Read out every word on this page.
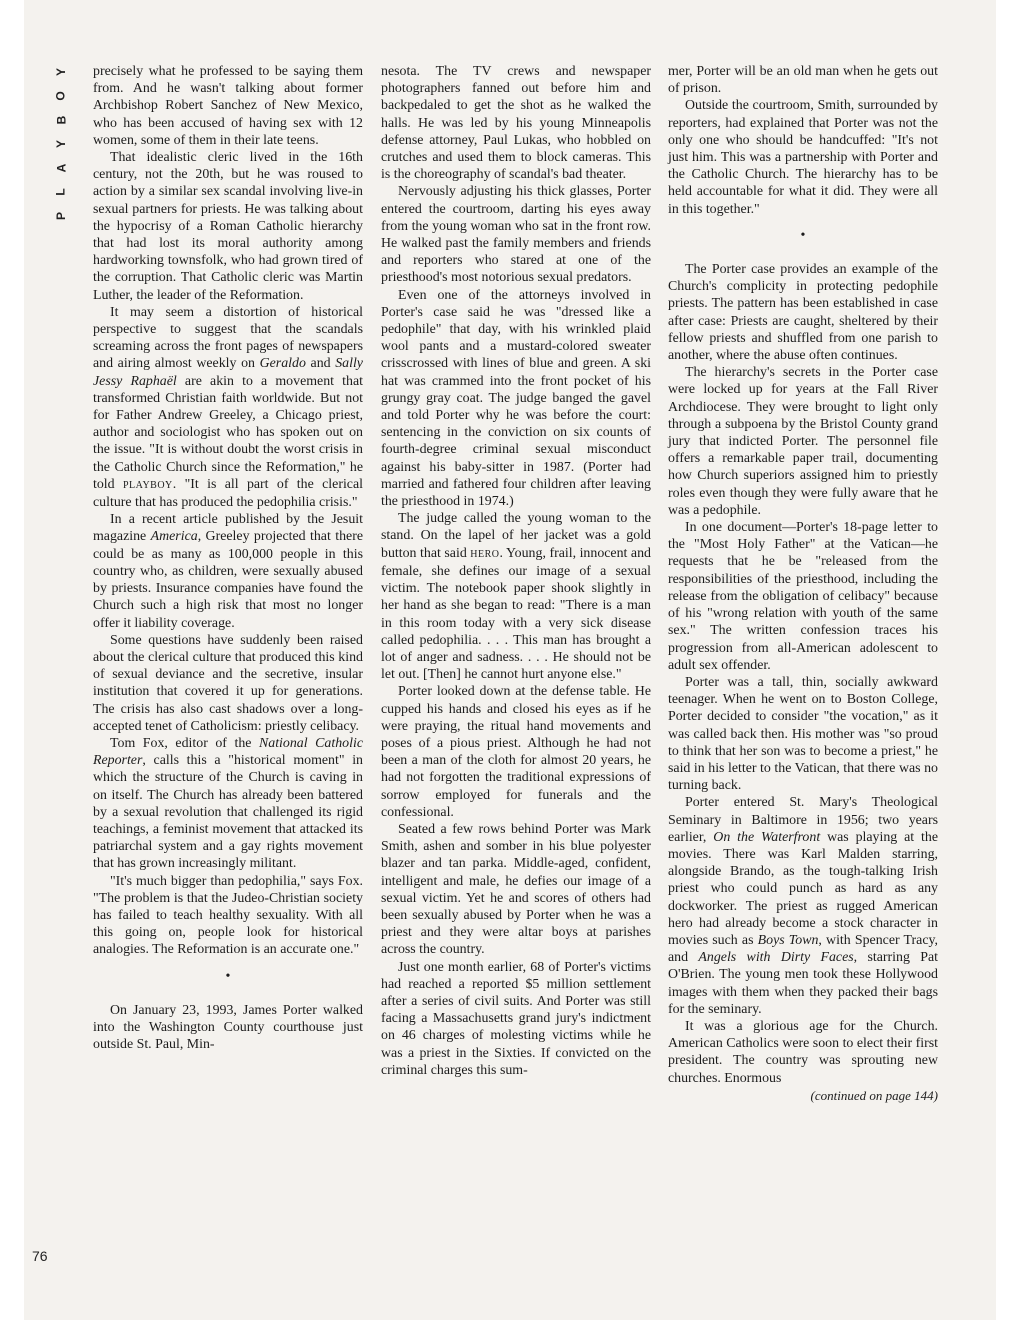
Y
O
B
Y
A
L
P
76

precisely what he professed to be saying them from. And he wasn't talking about former Archbishop Robert Sanchez of New Mexico, who has been accused of having sex with 12 women, some of them in their late teens.

That idealistic cleric lived in the 16th century, not the 20th, but he was roused to action by a similar sex scandal involving live-in sexual partners for priests. He was talking about the hypocrisy of a Roman Catholic hierarchy that had lost its moral authority among hardworking townsfolk, who had grown tired of the corruption. That Catholic cleric was Martin Luther, the leader of the Reformation.

It may seem a distortion of historical perspective to suggest that the scandals screaming across the front pages of newspapers and airing almost weekly on Geraldo and Sally Jessy Raphaël are akin to a movement that transformed Christian faith worldwide. But not for Father Andrew Greeley, a Chicago priest, author and sociologist who has spoken out on the issue. "It is without doubt the worst crisis in the Catholic Church since the Reformation," he told PLAYBOY. "It is all part of the clerical culture that has produced the pedophilia crisis."

In a recent article published by the Jesuit magazine America, Greeley projected that there could be as many as 100,000 people in this country who, as children, were sexually abused by priests. Insurance companies have found the Church such a high risk that most no longer offer it liability coverage.

Some questions have suddenly been raised about the clerical culture that produced this kind of sexual deviance and the secretive, insular institution that covered it up for generations. The crisis has also cast shadows over a long-accepted tenet of Catholicism: priestly celibacy.

Tom Fox, editor of the National Catholic Reporter, calls this a "historical moment" in which the structure of the Church is caving in on itself. The Church has already been battered by a sexual revolution that challenged its rigid teachings, a feminist movement that attacked its patriarchal system and a gay rights movement that has grown increasingly militant.

"It's much bigger than pedophilia," says Fox. "The problem is that the Judeo-Christian society has failed to teach healthy sexuality. With all this going on, people look for historical analogies. The Reformation is an accurate one."

•

On January 23, 1993, James Porter walked into the Washington County courthouse just outside St. Paul, Min-

nesota. The TV crews and newspaper photographers fanned out before him and backpedaled to get the shot as he walked the halls. He was led by his young Minneapolis defense attorney, Paul Lukas, who hobbled on crutches and used them to block cameras. This is the choreography of scandal's bad theater.

Nervously adjusting his thick glasses, Porter entered the courtroom, darting his eyes away from the young woman who sat in the front row. He walked past the family members and friends and reporters who stared at one of the priesthood's most notorious sexual predators.

Even one of the attorneys involved in Porter's case said he was "dressed like a pedophile" that day, with his wrinkled plaid wool pants and a mustard-colored sweater crisscrossed with lines of blue and green. A ski hat was crammed into the front pocket of his grungy gray coat. The judge banged the gavel and told Porter why he was before the court: sentencing in the conviction on six counts of fourth-degree criminal sexual misconduct against his baby-sitter in 1987. (Porter had married and fathered four children after leaving the priesthood in 1974.)

The judge called the young woman to the stand. On the lapel of her jacket was a gold button that said HERO. Young, frail, innocent and female, she defines our image of a sexual victim. The notebook paper shook slightly in her hand as she began to read: "There is a man in this room today with a very sick disease called pedophilia. . . . This man has brought a lot of anger and sadness. . . . He should not be let out. [Then] he cannot hurt anyone else."

Porter looked down at the defense table. He cupped his hands and closed his eyes as if he were praying, the ritual hand movements and poses of a pious priest. Although he had not been a man of the cloth for almost 20 years, he had not forgotten the traditional expressions of sorrow employed for funerals and the confessional.

Seated a few rows behind Porter was Mark Smith, ashen and somber in his blue polyester blazer and tan parka. Middle-aged, confident, intelligent and male, he defies our image of a sexual victim. Yet he and scores of others had been sexually abused by Porter when he was a priest and they were altar boys at parishes across the country.

Just one month earlier, 68 of Porter's victims had reached a reported $5 million settlement after a series of civil suits. And Porter was still facing a Massachusetts grand jury's indictment on 46 charges of molesting victims while he was a priest in the Sixties. If convicted on the criminal charges this sum-

mer, Porter will be an old man when he gets out of prison.

Outside the courtroom, Smith, surrounded by reporters, had explained that Porter was not the only one who should be handcuffed: "It's not just him. This was a partnership with Porter and the Catholic Church. The hierarchy has to be held accountable for what it did. They were all in this together."

•

The Porter case provides an example of the Church's complicity in protecting pedophile priests. The pattern has been established in case after case: Priests are caught, sheltered by their fellow priests and shuffled from one parish to another, where the abuse often continues.

The hierarchy's secrets in the Porter case were locked up for years at the Fall River Archdiocese. They were brought to light only through a subpoena by the Bristol County grand jury that indicted Porter. The personnel file offers a remarkable paper trail, documenting how Church superiors assigned him to priestly roles even though they were fully aware that he was a pedophile.

In one document—Porter's 18-page letter to the "Most Holy Father" at the Vatican—he requests that he be "released from the responsibilities of the priesthood, including the release from the obligation of celibacy" because of his "wrong relation with youth of the same sex." The written confession traces his progression from all-American adolescent to adult sex offender.

Porter was a tall, thin, socially awkward teenager. When he went on to Boston College, Porter decided to consider "the vocation," as it was called back then. His mother was "so proud to think that her son was to become a priest," he said in his letter to the Vatican, that there was no turning back.

Porter entered St. Mary's Theological Seminary in Baltimore in 1956; two years earlier, On the Waterfront was playing at the movies. There was Karl Malden starring, alongside Brando, as the tough-talking Irish priest who could punch as hard as any dockworker. The priest as rugged American hero had already become a stock character in movies such as Boys Town, with Spencer Tracy, and Angels with Dirty Faces, starring Pat O'Brien. The young men took these Hollywood images with them when they packed their bags for the seminary.

It was a glorious age for the Church. American Catholics were soon to elect their first president. The country was sprouting new churches. Enormous

( continued on page 144 )
